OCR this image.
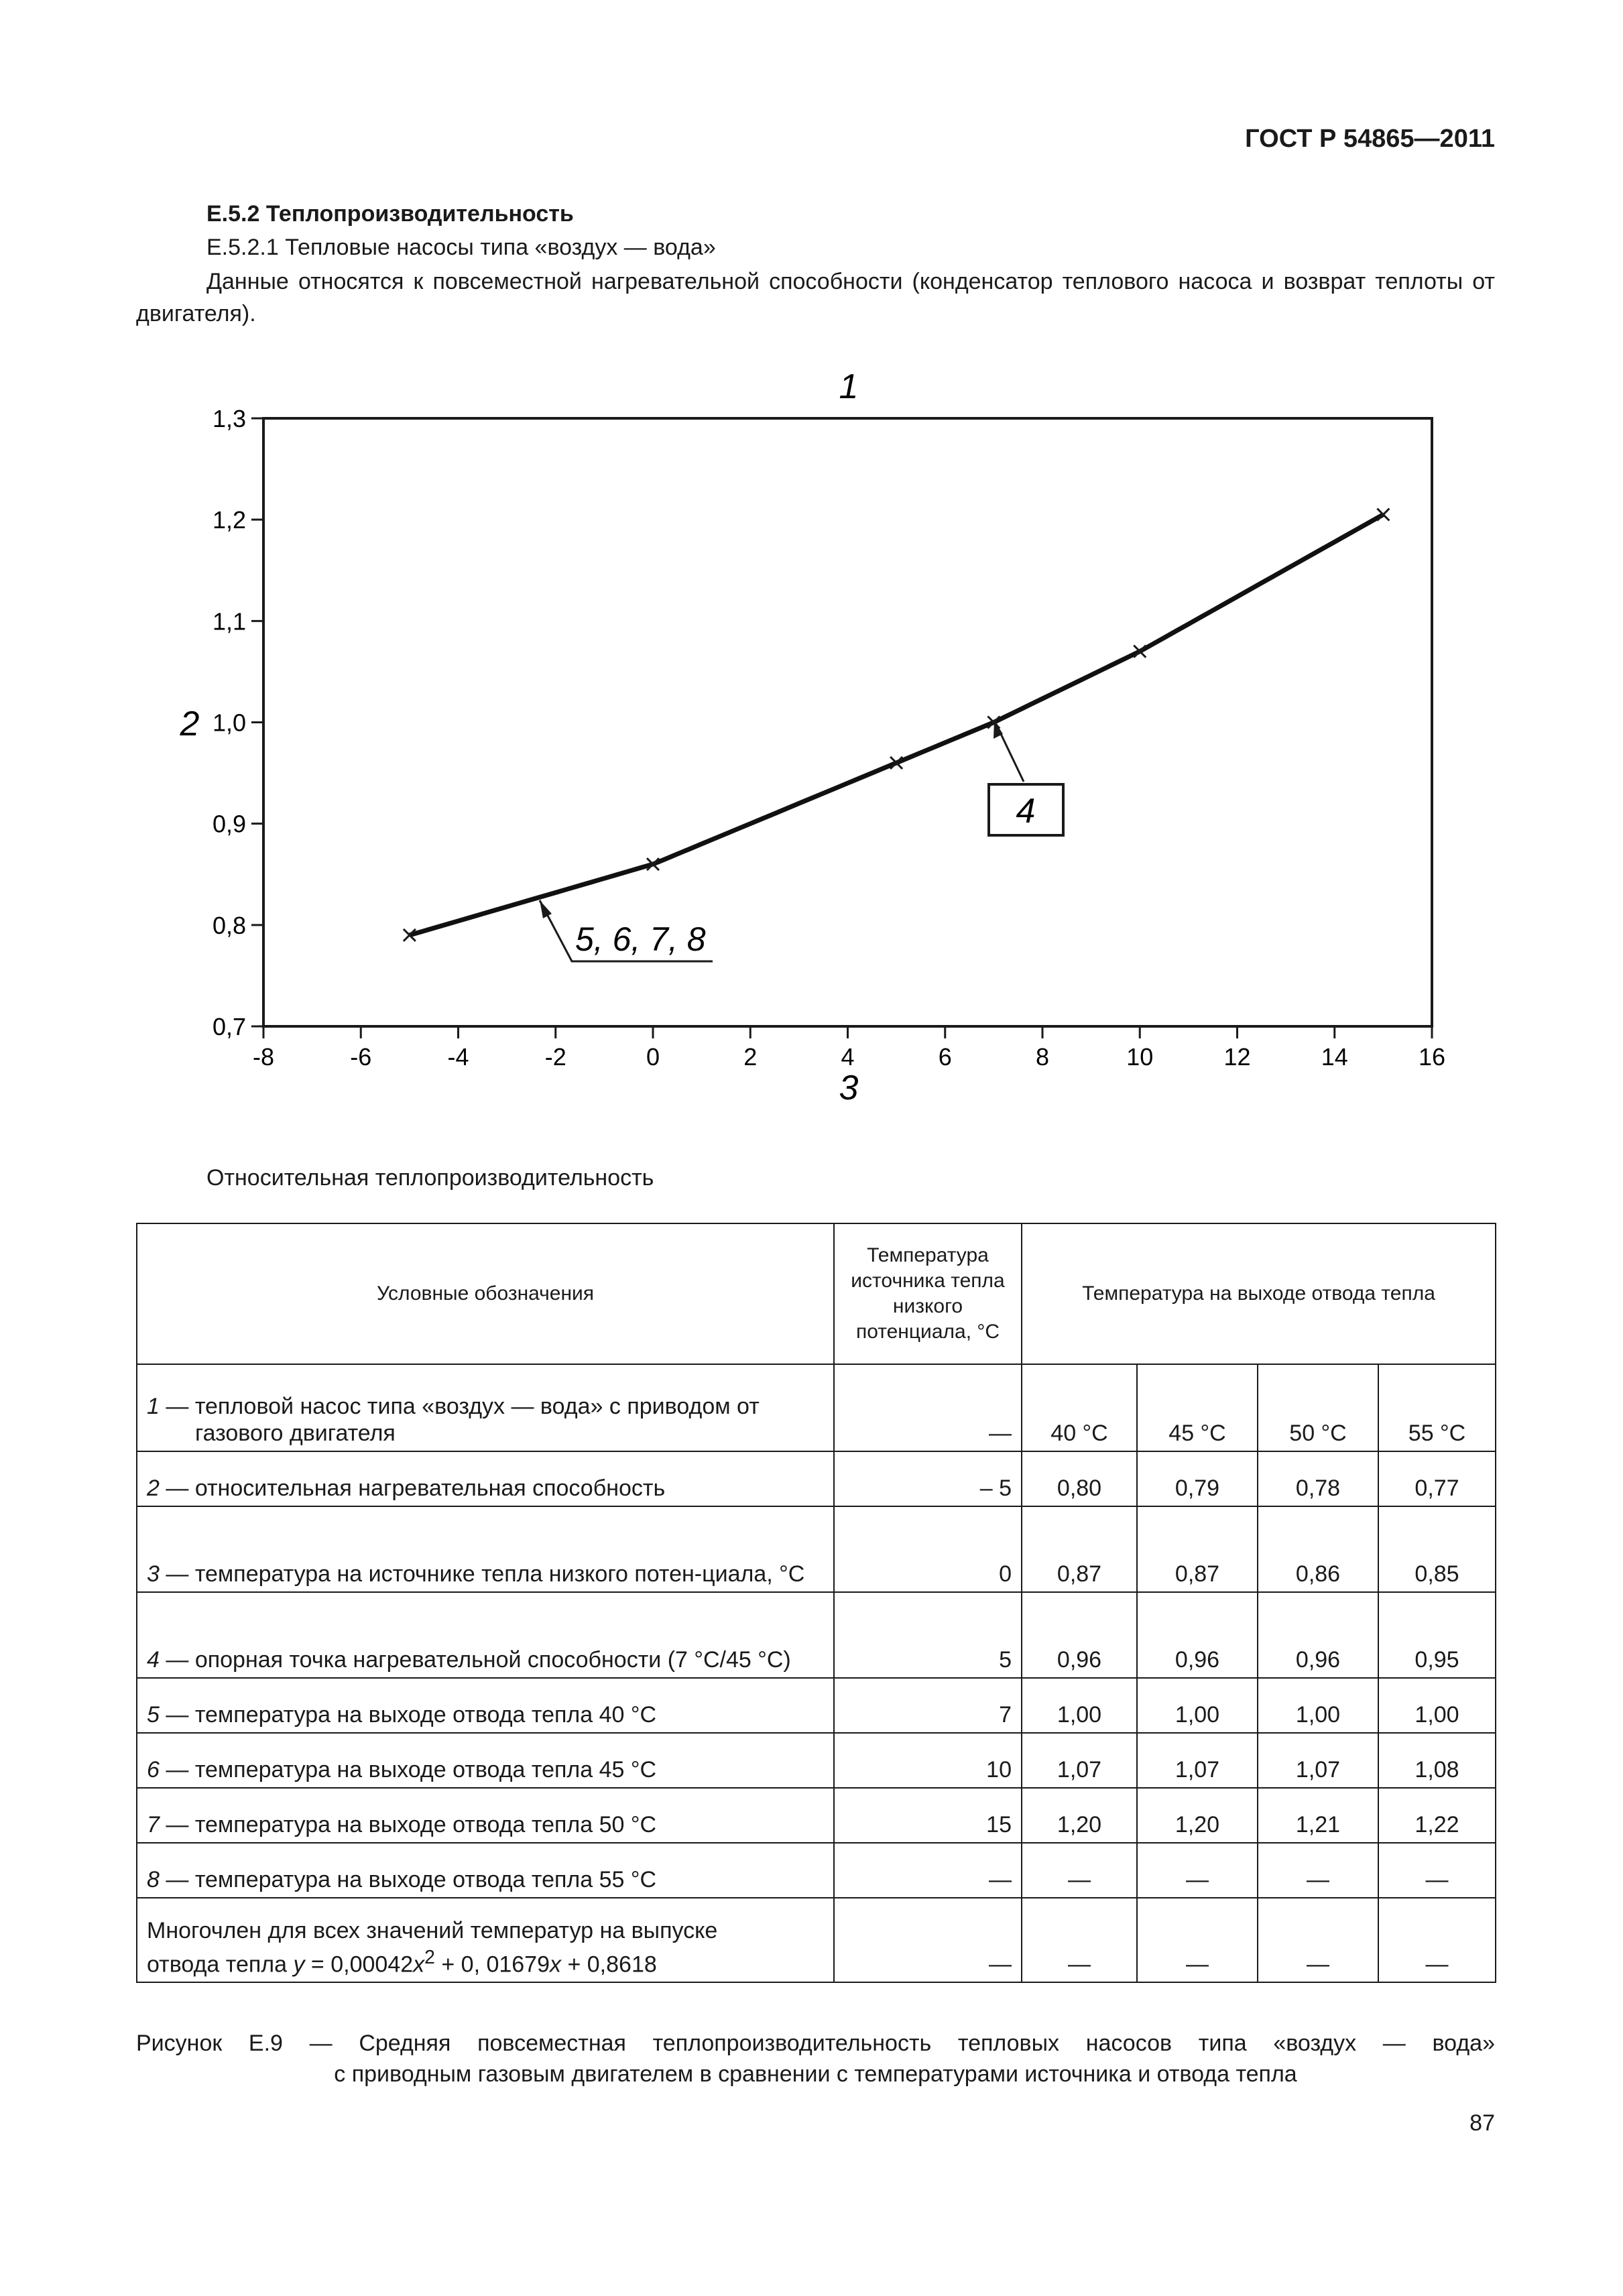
ГОСТ Р 54865—2011
Е.5.2 Теплопроизводительность
Е.5.2.1 Тепловые насосы типа «воздух — вода»
Данные относятся к повсеместной нагревательной способности (конденсатор теплового насоса и возврат теплоты от двигателя).
-8	-6	-4	-2	0	2	4	6	8	10	12	14	16
0,7
0,8
0,9
1,0
1,1
1,2
1,3
1
2
3
4
5, 6, 7, 8
Относительная теплопроизводительность
Условные обозначения	Температура источника тепла низкого потенциала, °C	Температура на выходе отвода тепла			
1 — тепловой насос типа «воздух — вода» с приводом от газового двигателя	—	40 °C	45 °C	50 °C	55 °C
2 — относительная нагревательная способность	– 5	0,80	0,79	0,78	0,77
3 — температура на источнике тепла низкого потен-циала, °C	0	0,87	0,87	0,86	0,85
4 — опорная точка нагревательной способности (7 °C/45 °C)	5	0,96	0,96	0,96	0,95
5 — температура на выходе отвода тепла 40 °C	7	1,00	1,00	1,00	1,00
6 — температура на выходе отвода тепла 45 °C	10	1,07	1,07	1,07	1,08
7 — температура на выходе отвода тепла 50 °C	15	1,20	1,20	1,21	1,22
8 — температура на выходе отвода тепла 55 °C	—	—	—	—	—
Многочлен для всех значений температур на выпуске
отвода тепла $y = 0,00042x^2 + 0$, 01679x + 0,8618	—	—	—	—	—
Рисунок Е.9 — Средняя повсеместная теплопроизводительность тепловых насосов типа «воздух — вода»
с приводным газовым двигателем в сравнении с температурами источника и отвода тепла
87
